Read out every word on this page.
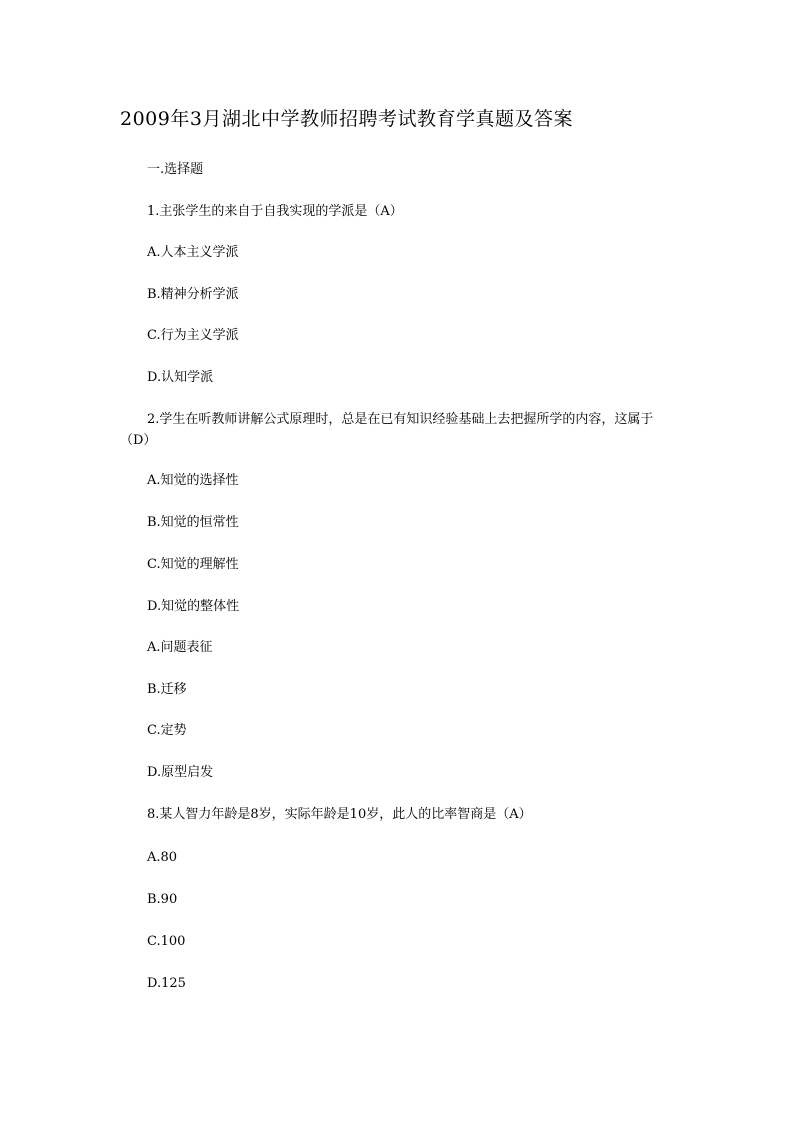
2009年3月湖北中学教师招聘考试教育学真题及答案
一.选择题
1.主张学生的来自于自我实现的学派是（A）
A.人本主义学派
B.精神分析学派
C.行为主义学派
D.认知学派
2.学生在听教师讲解公式原理时，总是在已有知识经验基础上去把握所学的内容，这属于（D）
A.知觉的选择性
B.知觉的恒常性
C.知觉的理解性
D.知觉的整体性
A.问题表征
B.迁移
C.定势
D.原型启发
8.某人智力年龄是8岁，实际年龄是10岁，此人的比率智商是（A）
A.80
B.90
C.100
D.125
